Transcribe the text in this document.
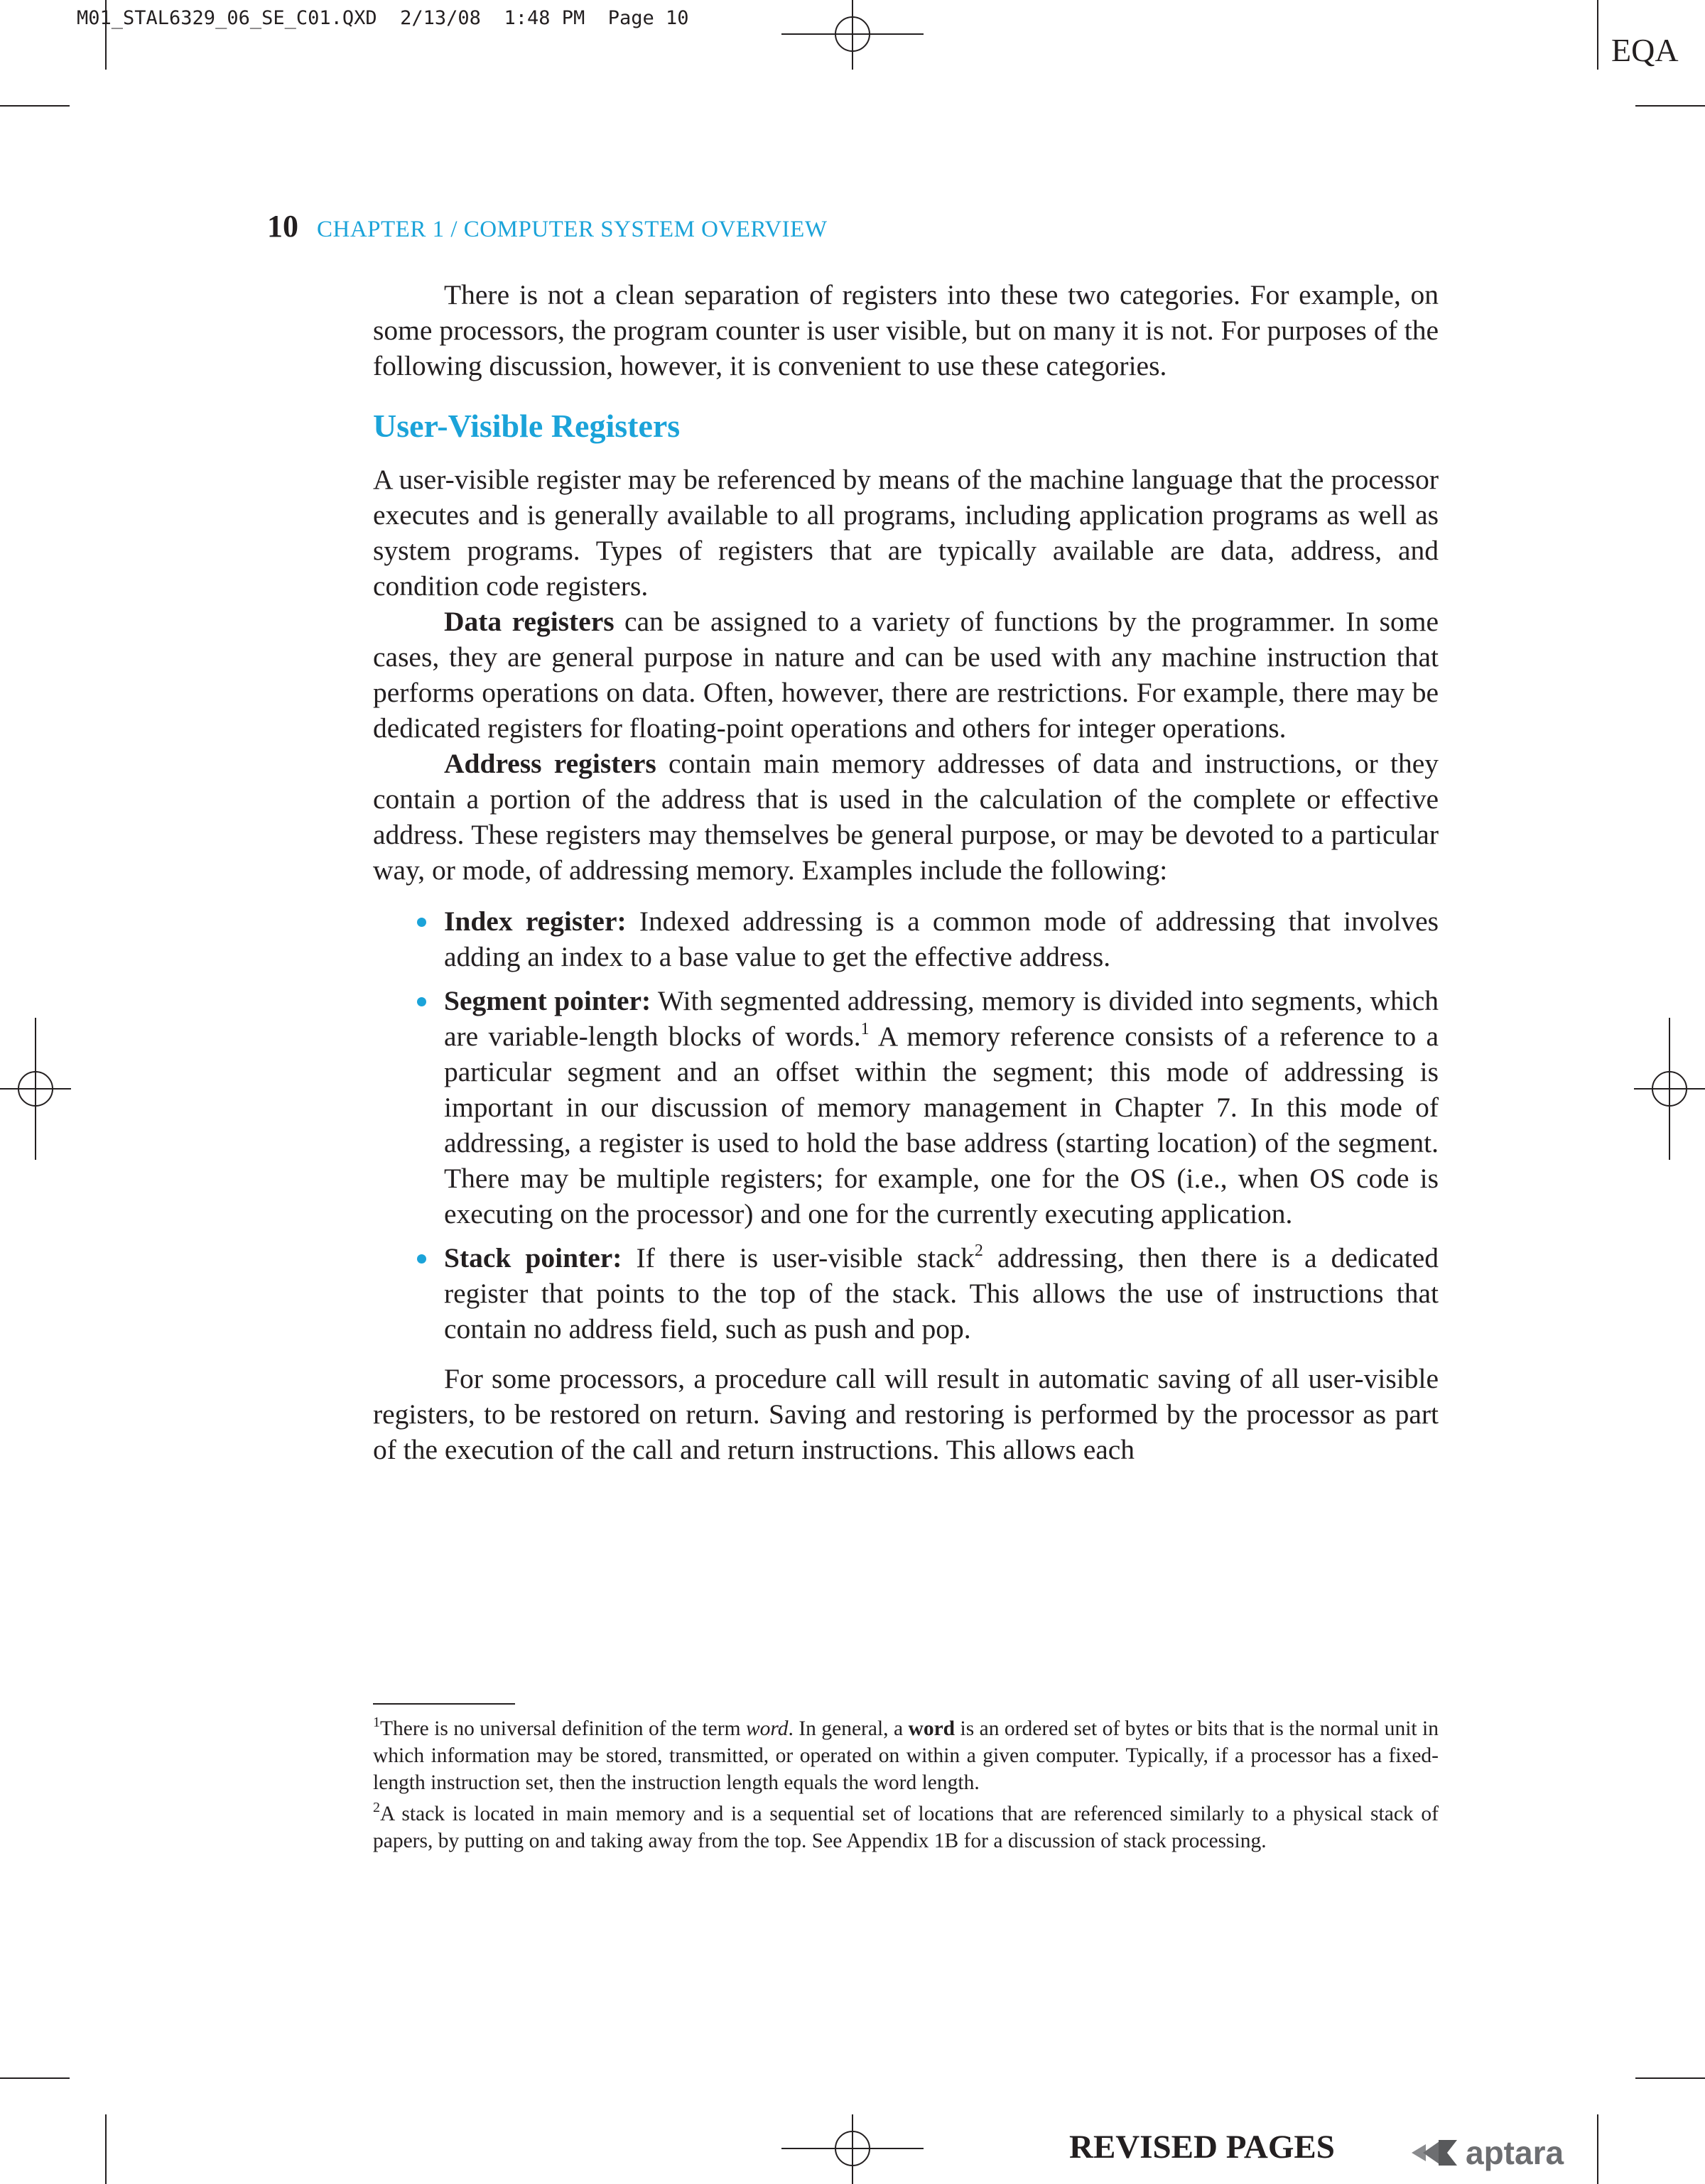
M01_STAL6329_06_SE_C01.QXD  2/13/08  1:48 PM  Page 10
EQA
10 CHAPTER 1 / COMPUTER SYSTEM OVERVIEW

There is not a clean separation of registers into these two categories. For example, on some processors, the program counter is user visible, but on many it is not. For purposes of the following discussion, however, it is convenient to use these categories.

User-Visible Registers

A user-visible register may be referenced by means of the machine language that the processor executes and is generally available to all programs, including application programs as well as system programs. Types of registers that are typically available are data, address, and condition code registers.

Data registers can be assigned to a variety of functions by the programmer. In some cases, they are general purpose in nature and can be used with any machine instruction that performs operations on data. Often, however, there are restrictions. For example, there may be dedicated registers for floating-point operations and others for integer operations.

Address registers contain main memory addresses of data and instructions, or they contain a portion of the address that is used in the calculation of the complete or effective address. These registers may themselves be general purpose, or may be devoted to a particular way, or mode, of addressing memory. Examples include the following:

Index register: Indexed addressing is a common mode of addressing that involves adding an index to a base value to get the effective address.
Segment pointer: With segmented addressing, memory is divided into segments, which are variable-length blocks of words.$^1$ A memory reference consists of a reference to a particular segment and an offset within the segment; this mode of addressing is important in our discussion of memory management in Chapter 7. In this mode of addressing, a register is used to hold the base address (starting location) of the segment. There may be multiple registers; for example, one for the OS (i.e., when OS code is executing on the processor) and one for the currently executing application.
Stack pointer: If there is user-visible stack$^2$ addressing, then there is a dedicated register that points to the top of the stack. This allows the use of instructions that contain no address field, such as push and pop.

For some processors, a procedure call will result in automatic saving of all user-visible registers, to be restored on return. Saving and restoring is performed by the processor as part of the execution of the call and return instructions. This allows each

$^1$There is no universal definition of the term word. In general, a word is an ordered set of bytes or bits that is the normal unit in which information may be stored, transmitted, or operated on within a given computer. Typically, if a processor has a fixed-length instruction set, then the instruction length equals the word length.

$^2$A stack is located in main memory and is a sequential set of locations that are referenced similarly to a physical stack of papers, by putting on and taking away from the top. See Appendix 1B for a discussion of stack processing.

REVISED PAGES	aptara
